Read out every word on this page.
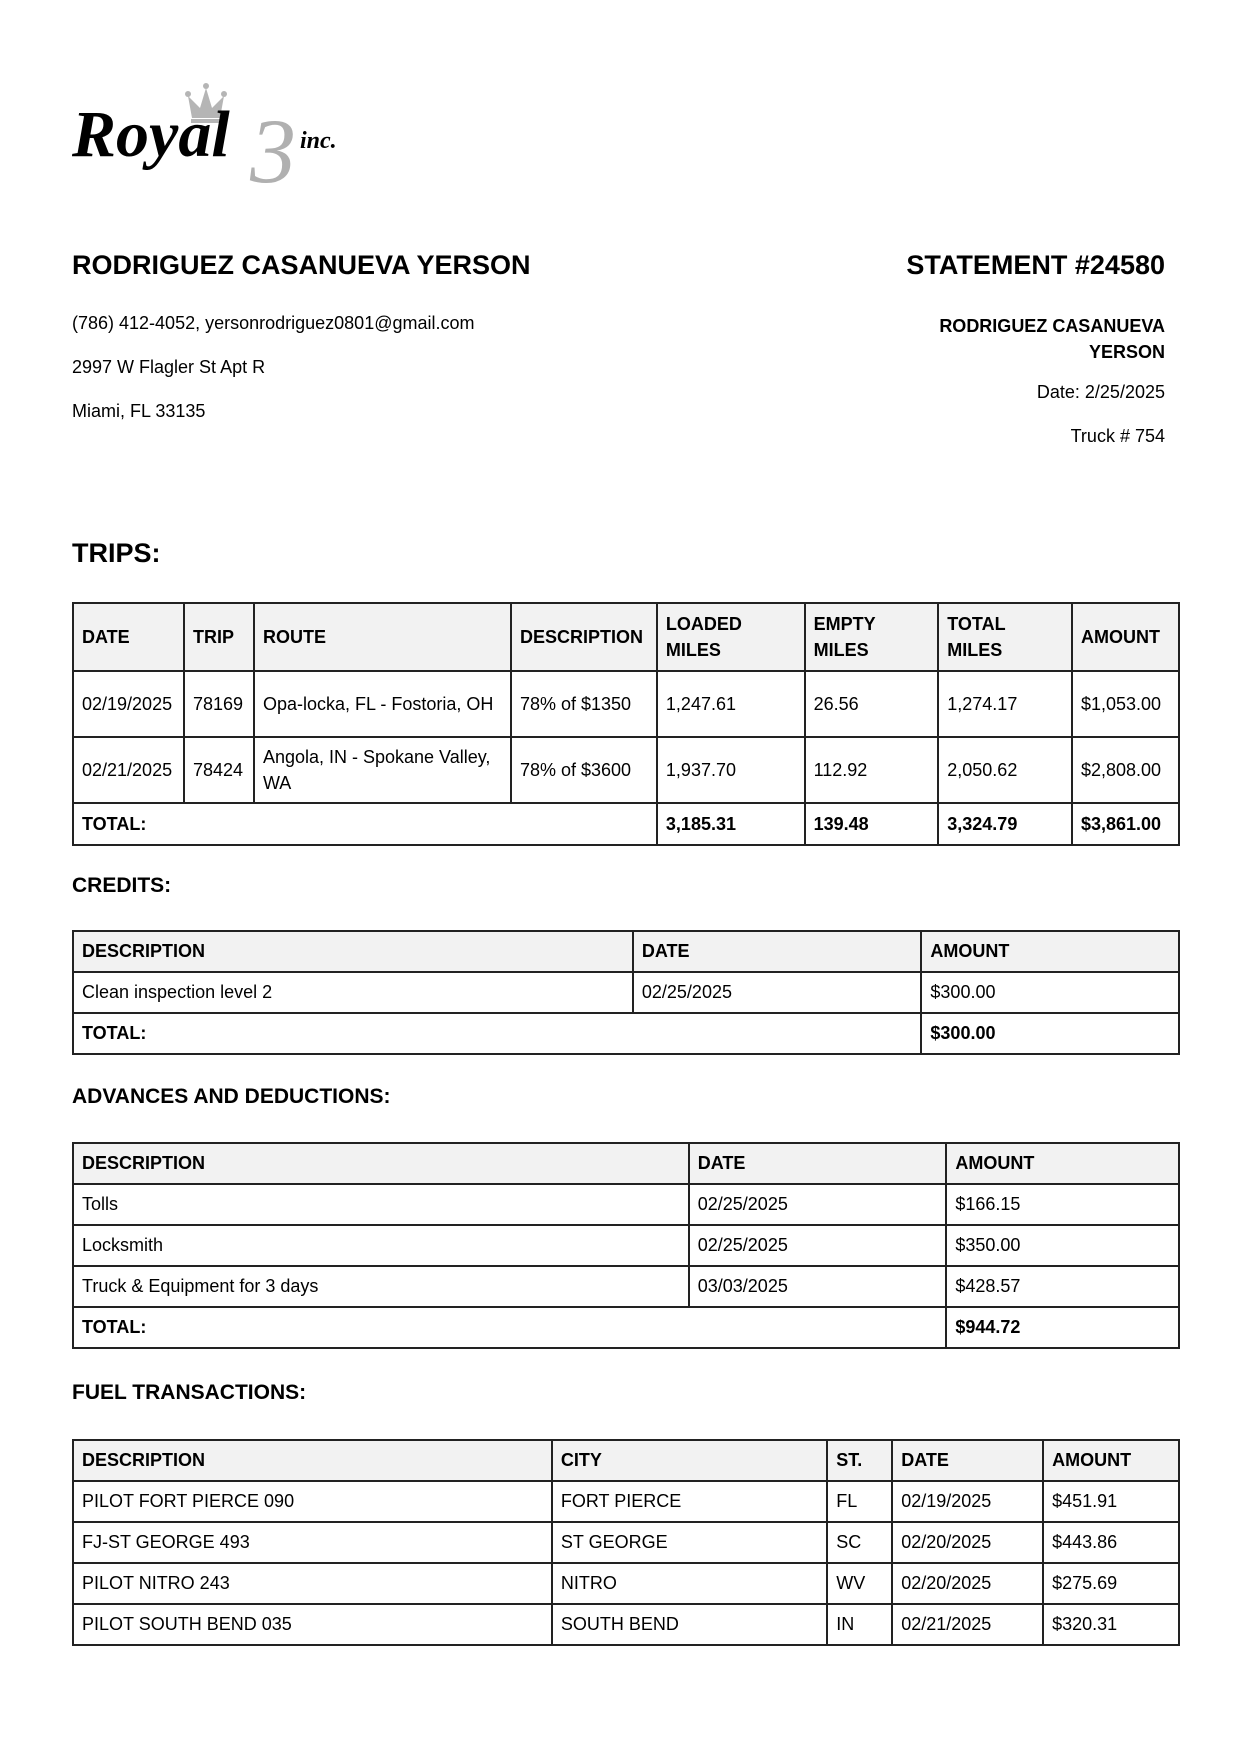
3
Royal	inc.
RODRIGUEZ CASANUEVA YERSON	STATEMENT #24580
(786) 412-4052, yersonrodriguez0801@gmail.com
2997 W Flagler St Apt R
Miami, FL 33135
RODRIGUEZ CASANUEVA YERSON
Date: 2/25/2025
Truck # 754
TRIPS:
DATE	TRIP	ROUTE	DESCRIPTION	LOADED MILES	EMPTY MILES	TOTAL MILES	AMOUNT
02/19/2025	78169	Opa-locka, FL - Fostoria, OH	78% of $1350	1,247.61	26.56	1,274.17	$1,053.00
02/21/2025	78424	Angola, IN - Spokane Valley, WA	78% of $3600	1,937.70	112.92	2,050.62	$2,808.00
TOTAL:				3,185.31	139.48	3,324.79	$3,861.00
CREDITS:
DESCRIPTION	DATE	AMOUNT
Clean inspection level 2	02/25/2025	$300.00
TOTAL:		$300.00
ADVANCES AND DEDUCTIONS:
DESCRIPTION	DATE	AMOUNT
Tolls	02/25/2025	$166.15
Locksmith	02/25/2025	$350.00
Truck & Equipment for 3 days	03/03/2025	$428.57
TOTAL:		$944.72
FUEL TRANSACTIONS:
DESCRIPTION	CITY	ST.	DATE	AMOUNT
PILOT FORT PIERCE 090	FORT PIERCE	FL	02/19/2025	$451.91
FJ-ST GEORGE 493	ST GEORGE	SC	02/20/2025	$443.86
PILOT NITRO 243	NITRO	WV	02/20/2025	$275.69
PILOT SOUTH BEND 035	SOUTH BEND	IN	02/21/2025	$320.31
